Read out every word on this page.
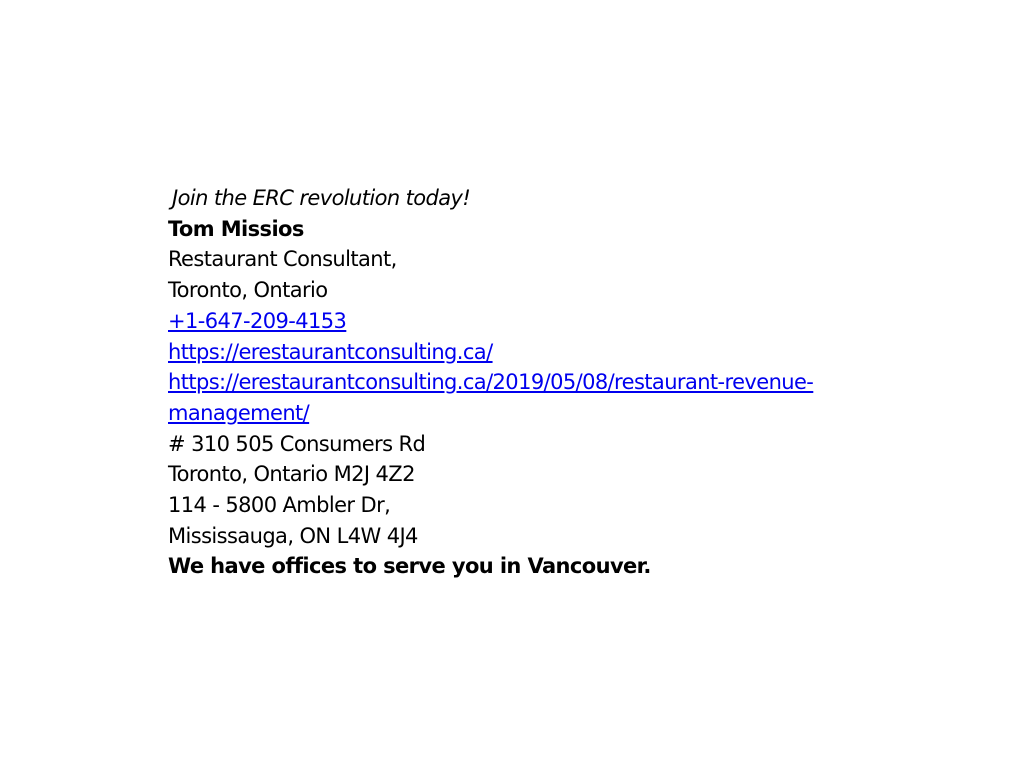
Join the ERC revolution today!
Tom Missios
Restaurant Consultant,
Toronto, Ontario
+1-647-209-4153
https://erestaurantconsulting.ca/
https://erestaurantconsulting.ca/2019/05/08/restaurant-revenue-
management/
# 310 505 Consumers Rd
Toronto, Ontario M2J 4Z2
114 - 5800 Ambler Dr,
Mississauga, ON L4W 4J4
We have offices to serve you in Vancouver.
